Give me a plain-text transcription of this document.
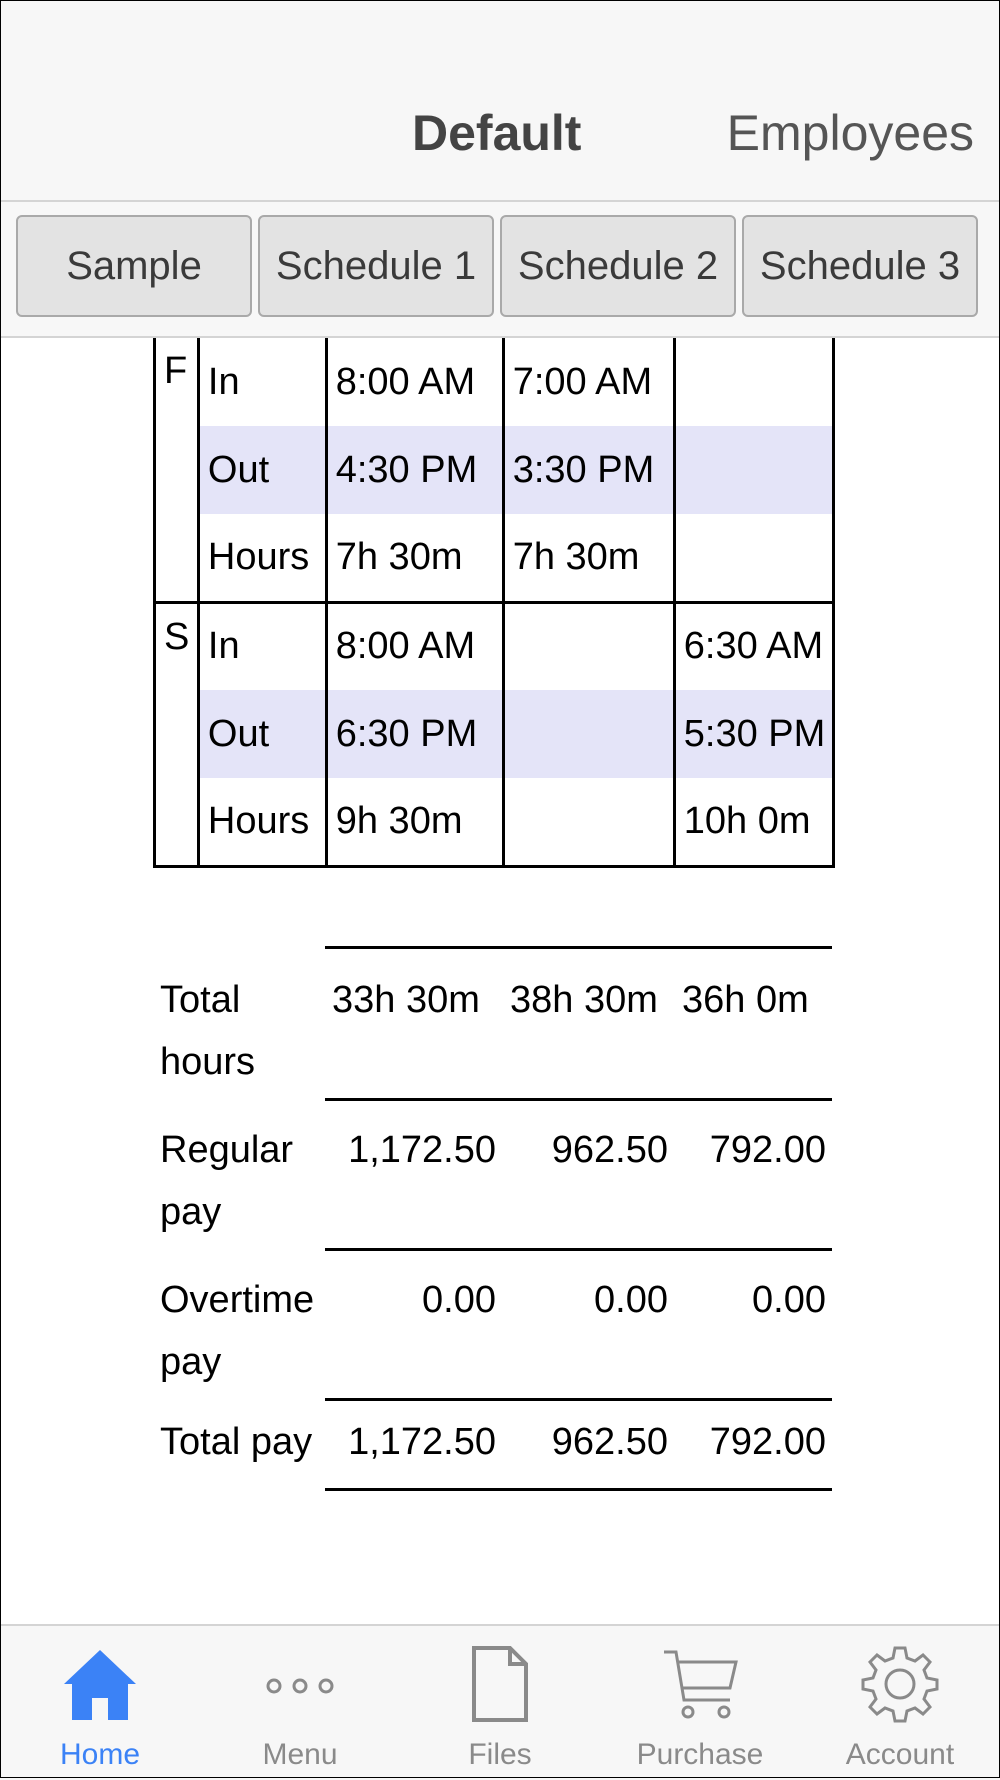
Default	Employees
Sample	Schedule 1	Schedule 2	Schedule 3
F	In	8:00 AM	7:00 AM	
	Out	4:30 PM	3:30 PM	
	Hours	7h 30m	7h 30m	
S	In	8:00 AM		6:30 AM
	Out	6:30 PM		5:30 PM
	Hours	9h 30m		10h 0m
Total
hours
33h 30m 38h 30m 36h 0m
Regular
pay
1,172.50	962.50	792.00
Overtime
pay
0.00	0.00	0.00
Total pay 1,172.50	962.50	792.00
Home	Menu	Files	Purchase	Account
